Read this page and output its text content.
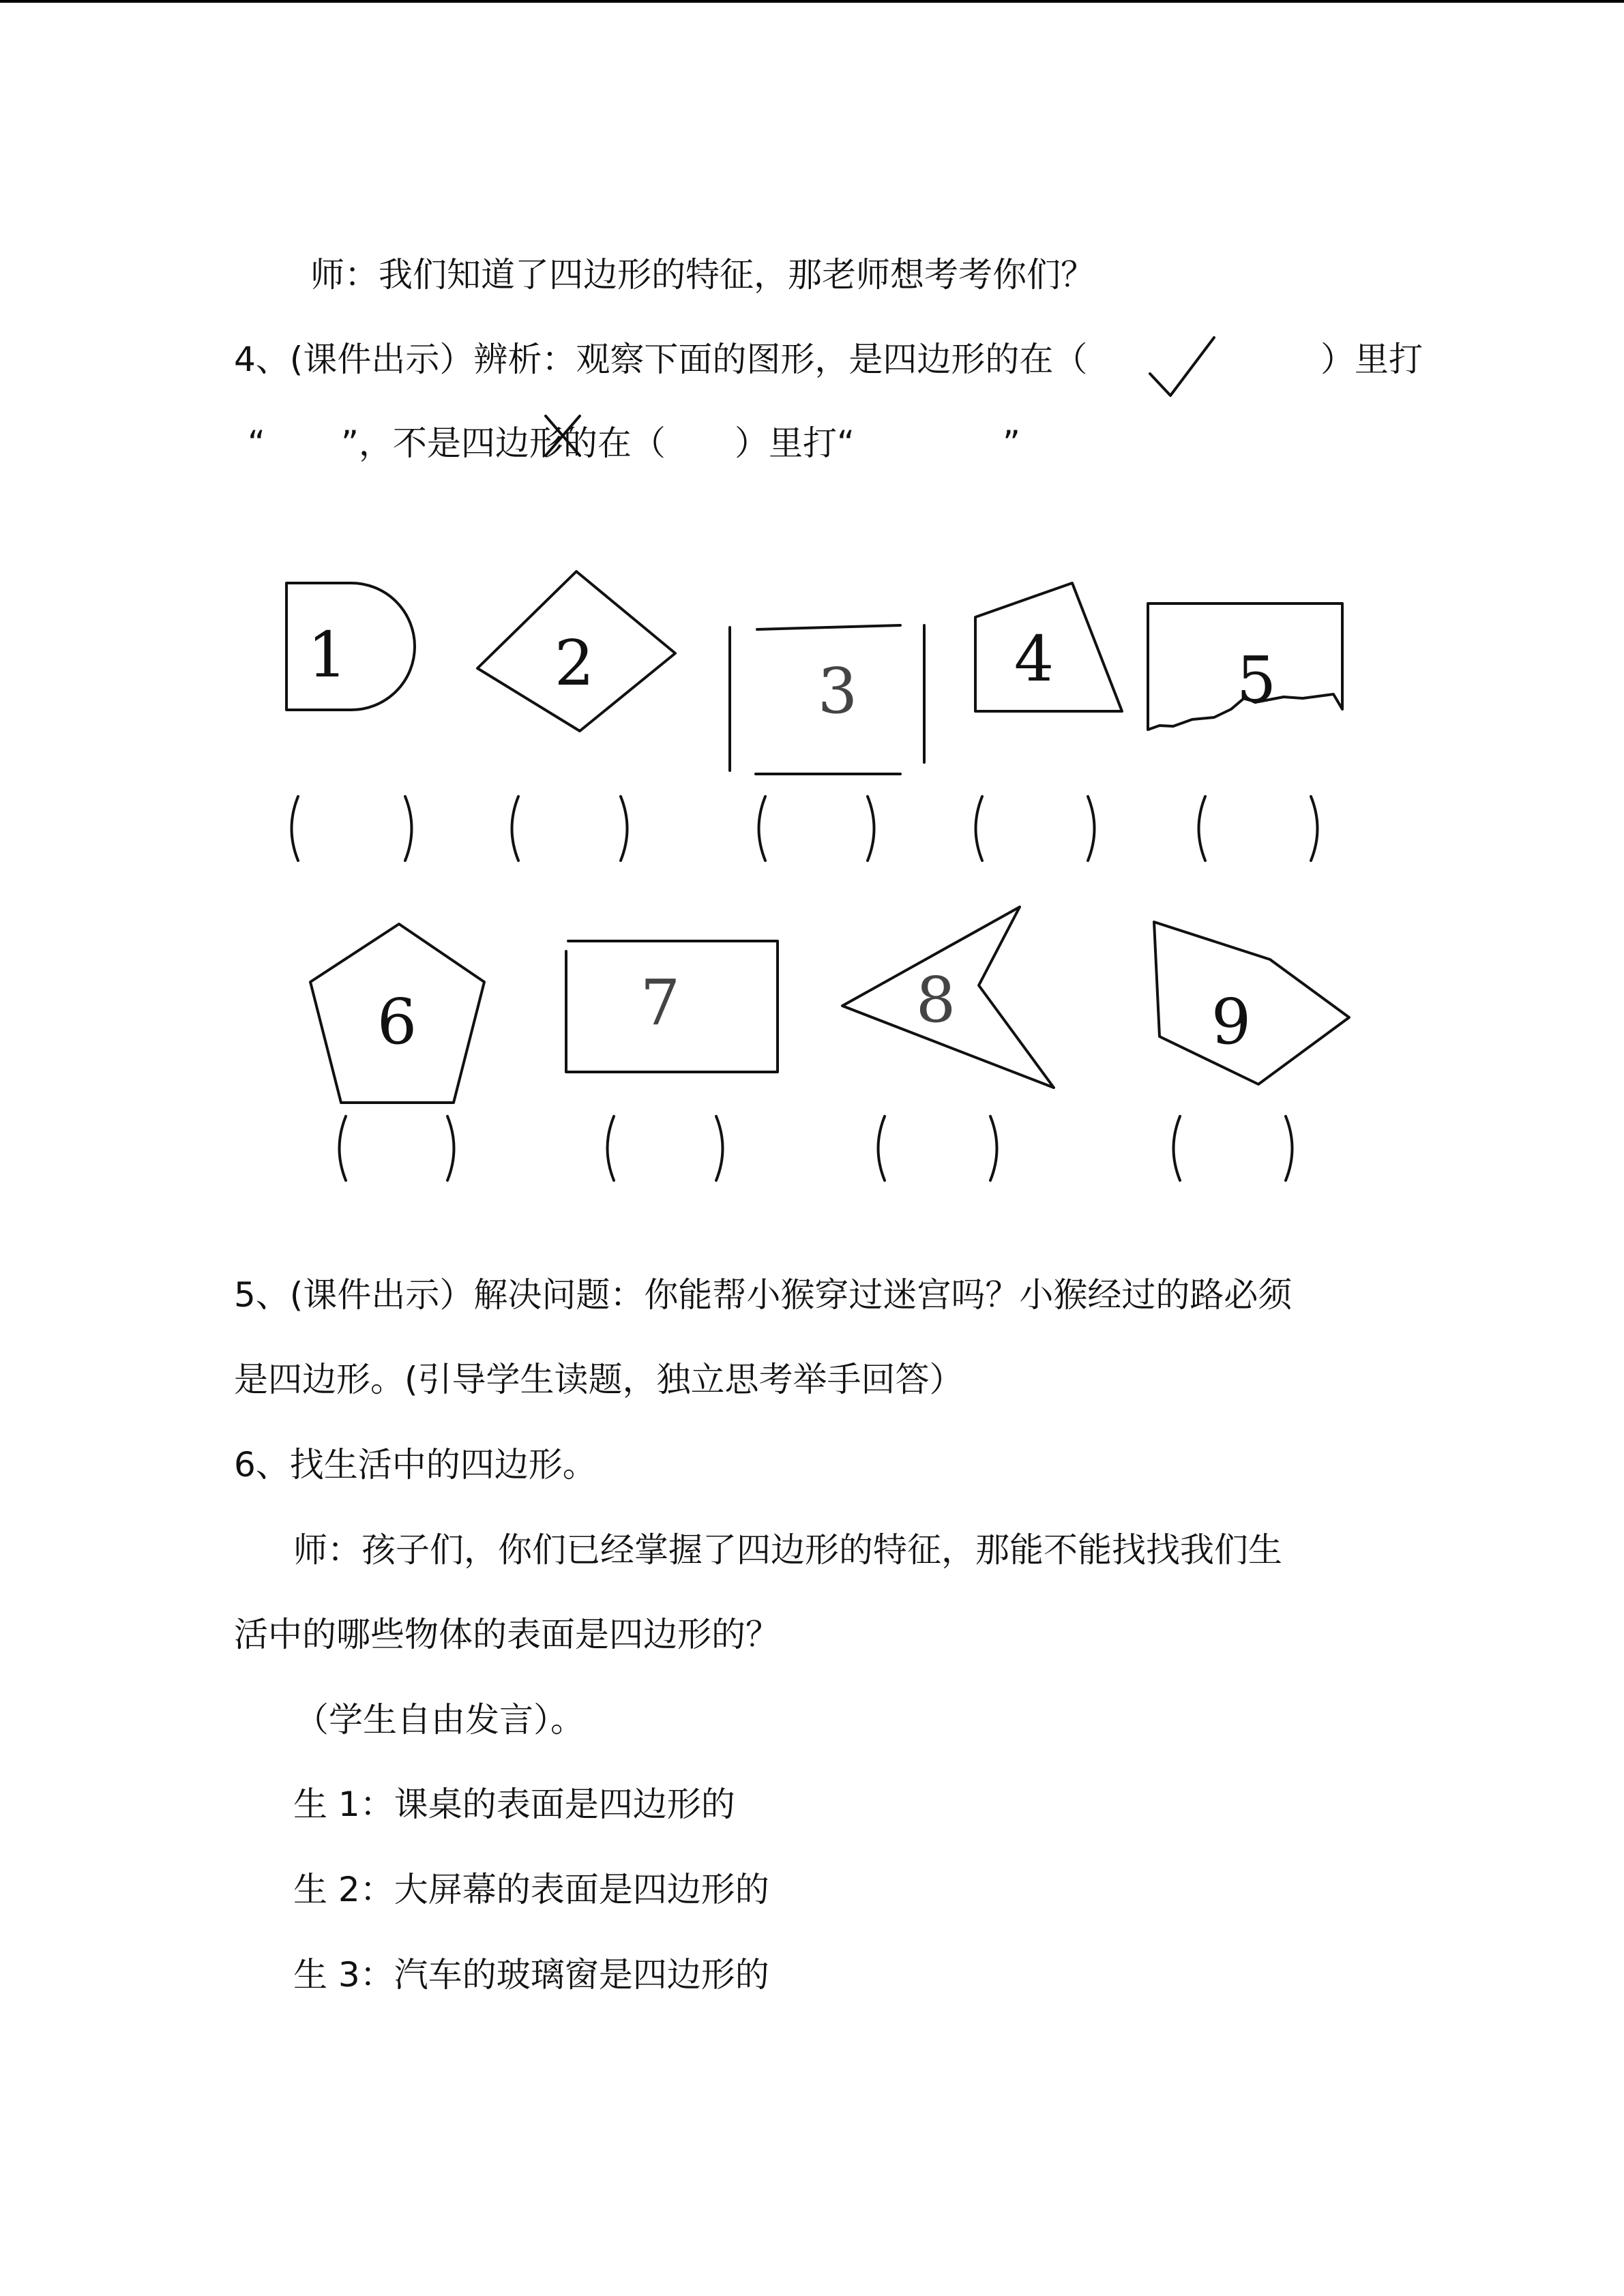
师：我们知道了四边形的特征，那老师想考考你们？
4、(课件出示）辨析：观察下面的图形，是四边形的在（	）里打
“ ”，不是四边形的在（ ）里打“	”
5、(课件出示）解决问题：你能帮小猴穿过迷宫吗？小猴经过的路必须
是四边形。(引导学生读题，独立思考举手回答）
6、找生活中的四边形。
师：孩子们，你们已经掌握了四边形的特征，那能不能找找我们生
活中的哪些物体的表面是四边形的？
（学生自由发言）。
生 1：课桌的表面是四边形的
生 2：大屏幕的表面是四边形的
生 3：汽车的玻璃窗是四边形的
1	2	3 4	5
6	7	8	9
